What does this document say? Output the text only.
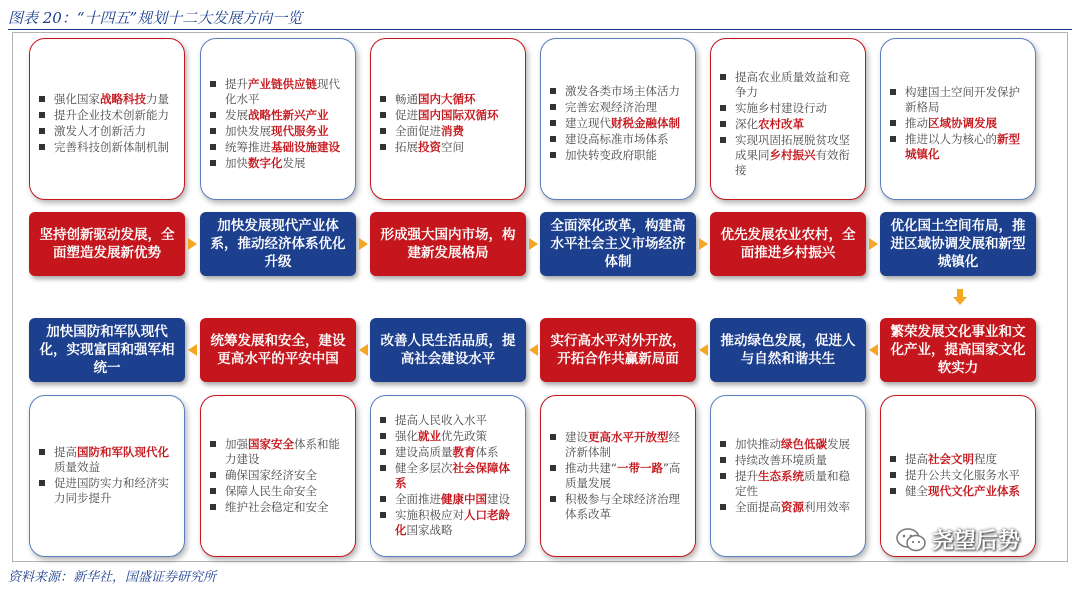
图表 20：“十四五”规划十二大发展方向一览
强化国家战略科技力量
提升企业技术创新能力
激发人才创新活力
完善科技创新体制机制
坚持创新驱动发展，全面塑造发展新优势
提升产业链供应链现代化水平
发展战略性新兴产业
加快发展现代服务业
统筹推进基础设施建设
加快数字化发展
加快发展现代产业体系，推动经济体系优化升级
畅通国内大循环
促进国内国际双循环
全面促进消费
拓展投资空间
形成强大国内市场，构建新发展格局
激发各类市场主体活力
完善宏观经济治理
建立现代财税金融体制
建设高标准市场体系
加快转变政府职能
全面深化改革，构建高水平社会主义市场经济体制
提高农业质量效益和竞争力
实施乡村建设行动
深化农村改革
实现巩固拓展脱贫攻坚成果同乡村振兴有效衔接
优先发展农业农村，全面推进乡村振兴
构建国土空间开发保护新格局
推动区域协调发展
推进以人为核心的新型城镇化
优化国土空间布局，推进区域协调发展和新型城镇化
提高社会文明程度
提升公共文化服务水平
健全现代文化产业体系
繁荣发展文化事业和文化产业，提高国家文化软实力
加快推动绿色低碳发展
持续改善环境质量
提升生态系统质量和稳定性
全面提高资源利用效率
推动绿色发展，促进人与自然和谐共生
建设更高水平开放型经济新体制
推动共建“一带一路”高质量发展
积极参与全球经济治理体系改革
实行高水平对外开放，开拓合作共赢新局面
提高人民收入水平
强化就业优先政策
建设高质量教育体系
健全多层次社会保障体系
全面推进健康中国建设
实施积极应对人口老龄化国家战略
改善人民生活品质，提高社会建设水平
加强国家安全体系和能力建设
确保国家经济安全
保障人民生命安全
维护社会稳定和安全
统筹发展和安全，建设更高水平的平安中国
提高国防和军队现代化质量效益
促进国防实力和经济实力同步提升
加快国防和军队现代化，实现富国和强军相统一
资料来源：新华社，国盛证券研究所
尧望后势
